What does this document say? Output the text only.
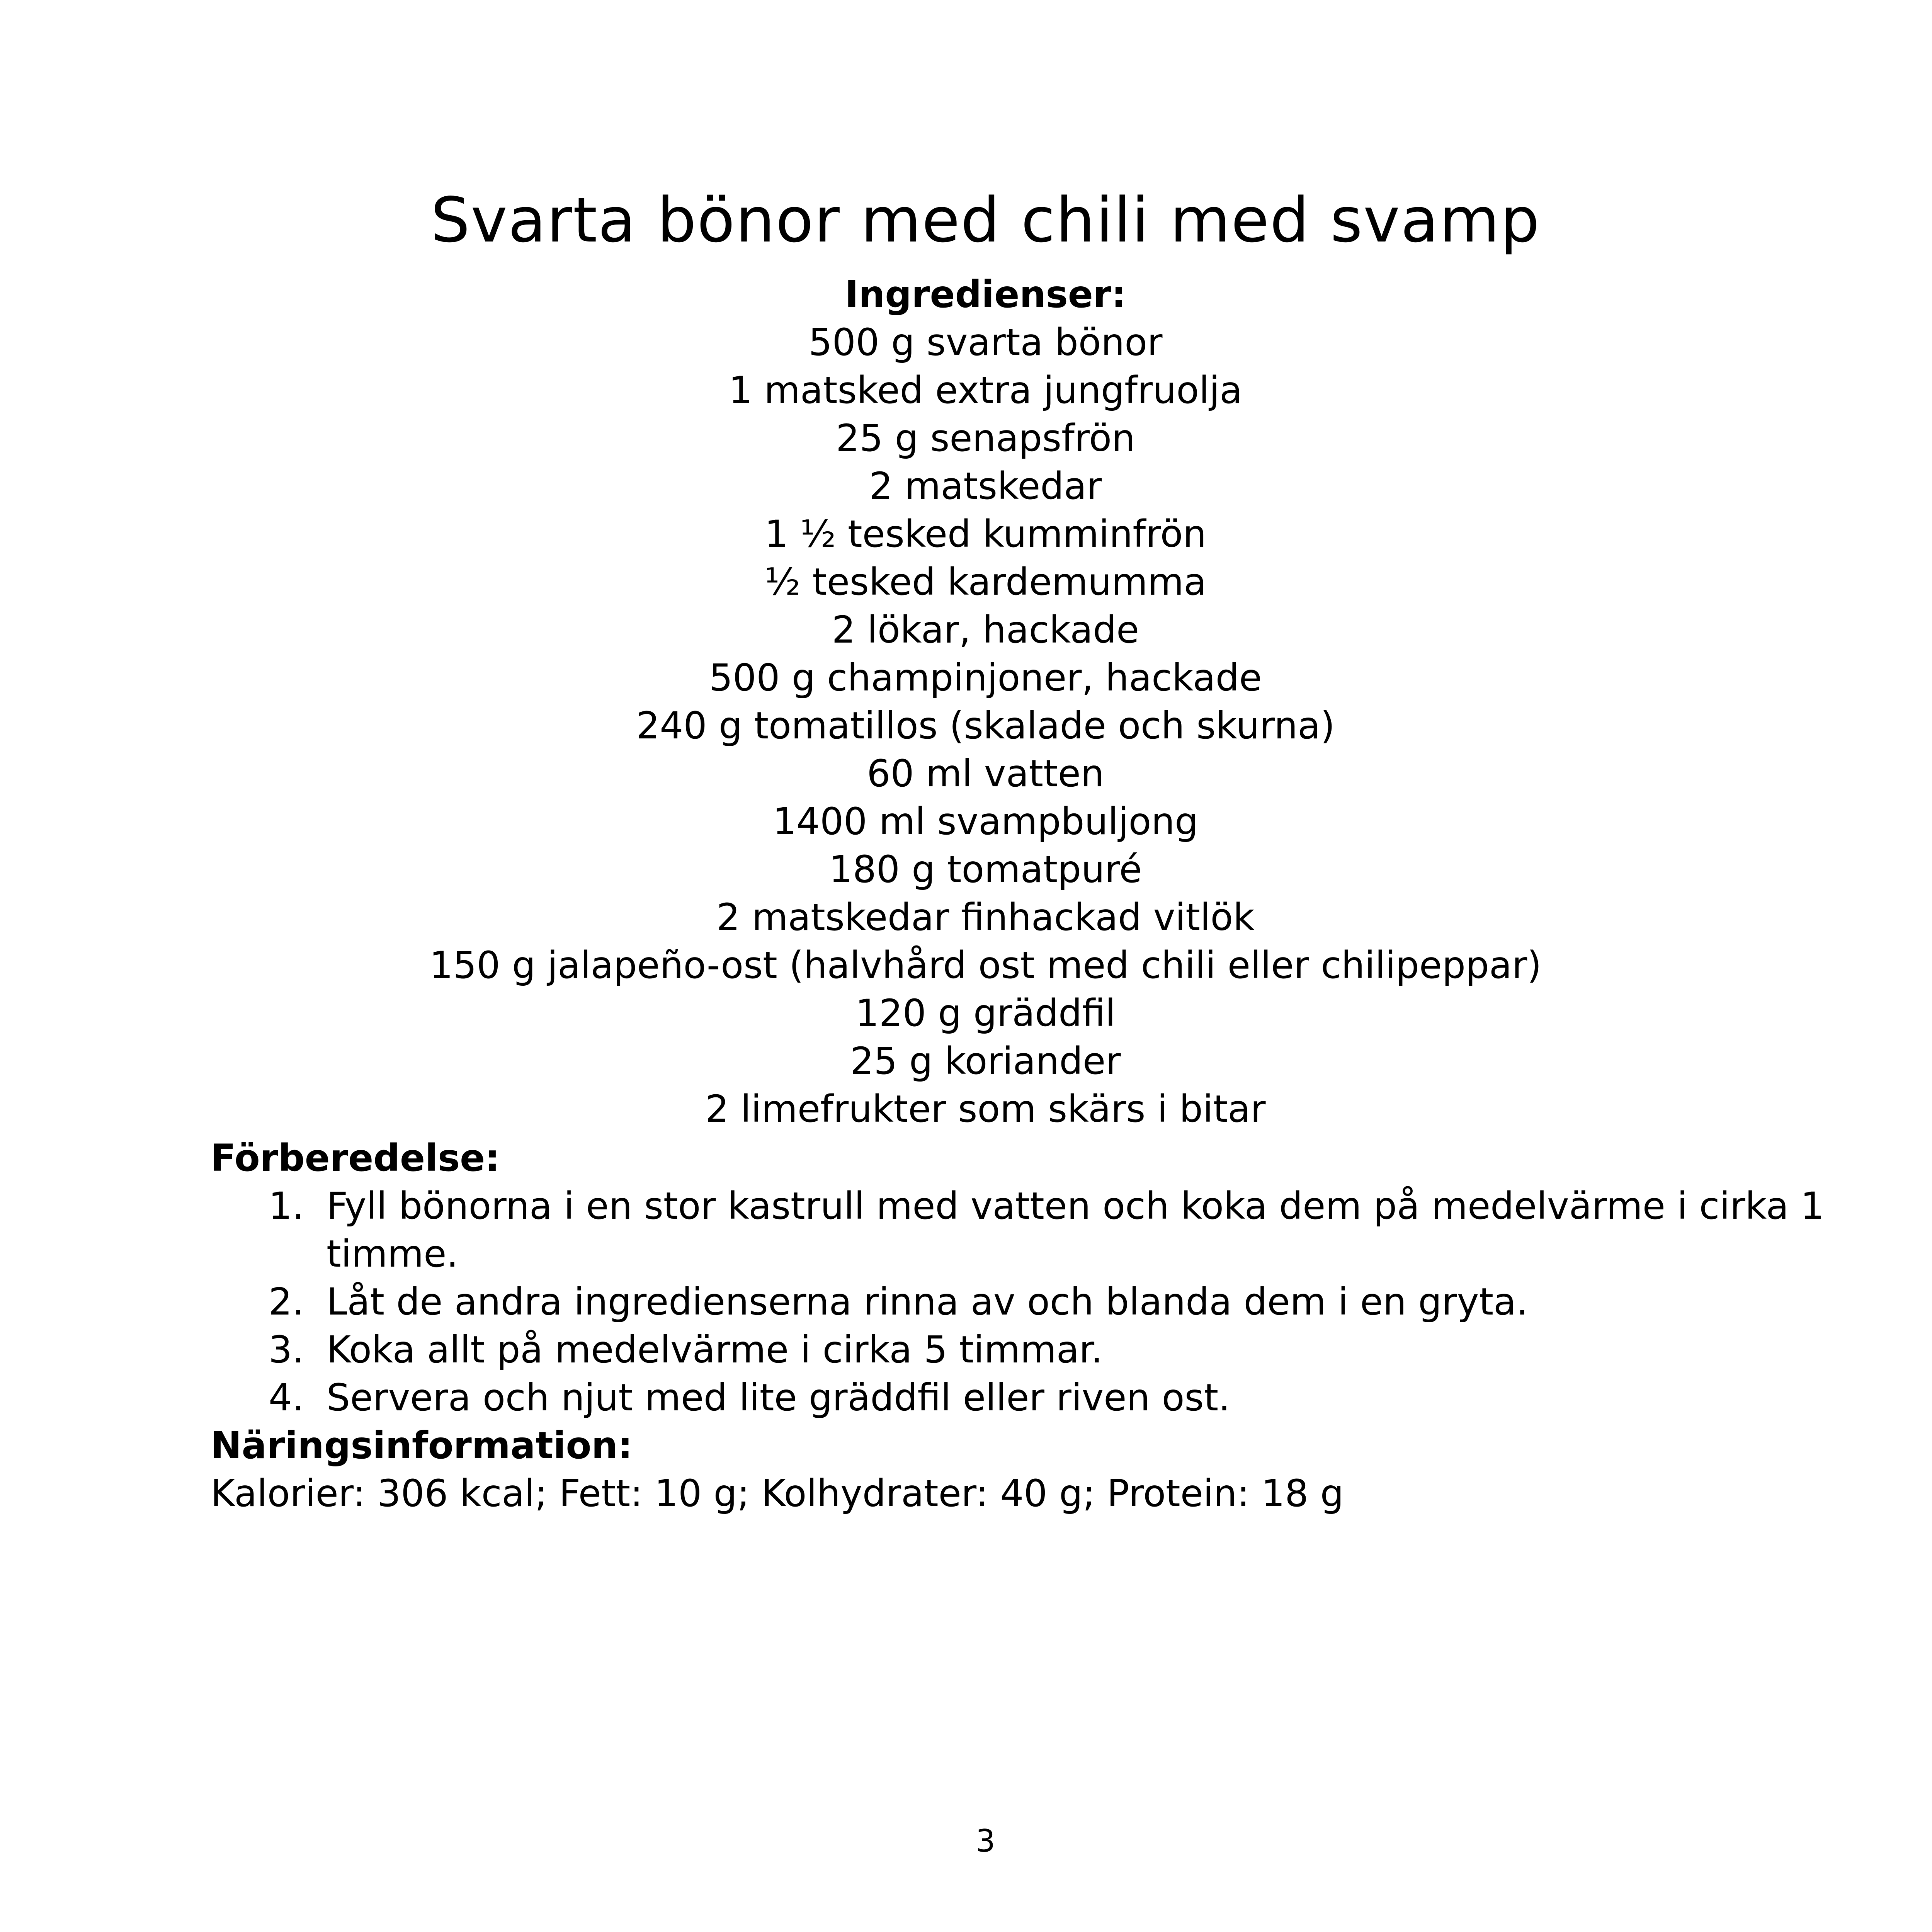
Svarta bönor med chili med svamp
Ingredienser:
500 g svarta bönor
1 matsked extra jungfruolja
25 g senapsfrön
2 matskedar
1 ½ tesked kumminfrön
½ tesked kardemumma
2 lökar, hackade
500 g champinjoner, hackade
240 g tomatillos (skalade och skurna)
60 ml vatten
1400 ml svampbuljong
180 g tomatpuré
2 matskedar finhackad vitlök
150 g jalapeño-ost (halvhård ost med chili eller chilipeppar)
120 g gräddfil
25 g koriander
2 limefrukter som skärs i bitar
Förberedelse:
1. Fyll bönorna i en stor kastrull med vatten och koka dem på medelvärme i cirka 1 timme.
2. Låt de andra ingredienserna rinna av och blanda dem i en gryta.
3. Koka allt på medelvärme i cirka 5 timmar.
4. Servera och njut med lite gräddfil eller riven ost.
Näringsinformation:

Kalorier: 306 kcal; Fett: 10 g; Kolhydrater: 40 g; Protein: 18 g

3
